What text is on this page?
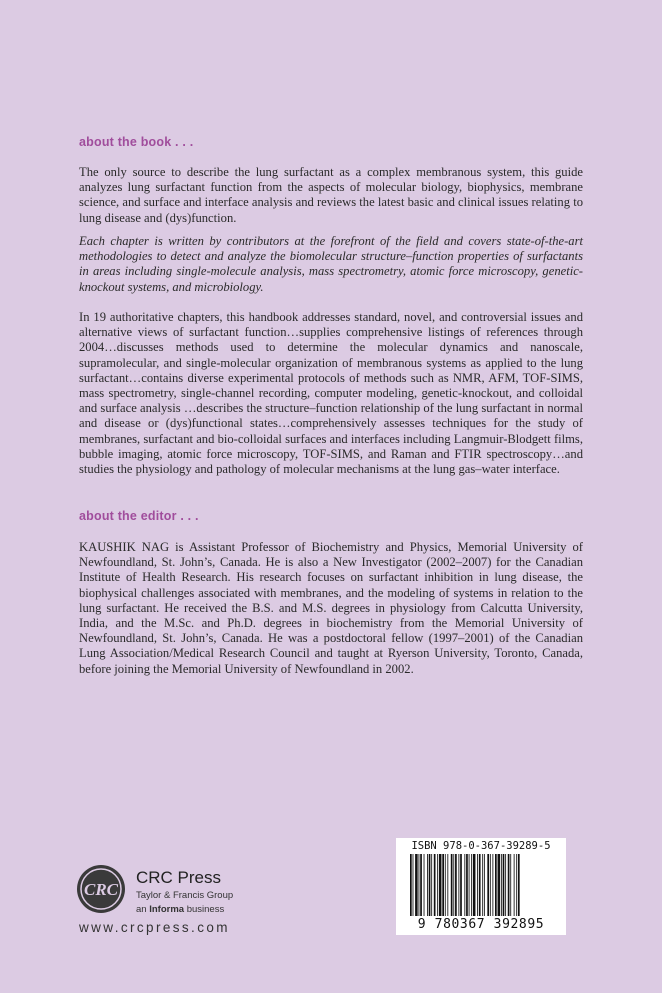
about the book . . .

The only source to describe the lung surfactant as a complex membranous system, this guide analyzes lung surfactant function from the aspects of molecular biology, biophysics, membrane science, and surface and interface analysis and reviews the latest basic and clinical issues relating to lung disease and (dys)function.

Each chapter is written by contributors at the forefront of the field and covers state-of-the-art methodologies to detect and analyze the biomolecular structure–function properties of surfactants in areas including single-molecule analysis, mass spectrometry, atomic force microscopy, genetic-knockout systems, and microbiology.

In 19 authoritative chapters, this handbook addresses standard, novel, and controversial issues and alternative views of surfactant function…supplies comprehensive listings of references through 2004…discusses methods used to determine the molecular dynamics and nanoscale, supramolecular, and single-molecular organization of membranous systems as applied to the lung surfactant…contains diverse experimental protocols of methods such as NMR, AFM, TOF-SIMS, mass spectrometry, single-channel recording, computer modeling, genetic-knockout, and colloidal and surface analysis …describes the structure–function relationship of the lung surfactant in normal and disease or (dys)functional states…comprehensively assesses techniques for the study of membranes, surfactant and bio-colloidal surfaces and interfaces including Langmuir-Blodgett films, bubble imaging, atomic force microscopy, TOF-SIMS, and Raman and FTIR spectroscopy…and studies the physiology and pathology of molecular mechanisms at the lung gas–water interface.

about the editor . . .

KAUSHIK NAG is Assistant Professor of Biochemistry and Physics, Memorial University of Newfoundland, St. John’s, Canada. He is also a New Investigator (2002–2007) for the Canadian Institute of Health Research. His research focuses on surfactant inhibition in lung disease, the biophysical challenges associated with membranes, and the modeling of systems in relation to the lung surfactant. He received the B.S. and M.S. degrees in physiology from Calcutta University, India, and the M.Sc. and Ph.D. degrees in biochemistry from the Memorial University of Newfoundland, St. John’s, Canada. He was a postdoctoral fellow (1997–2001) of the Canadian Lung Association/Medical Research Council and taught at Ryerson University, Toronto, Canada, before joining the Memorial University of Newfoundland in 2002.

CRC
CRC Press
Taylor & Francis Group
an Informa business
www.crcpress.com
ISBN 978-0-367-39289-5
9 780367 392895
